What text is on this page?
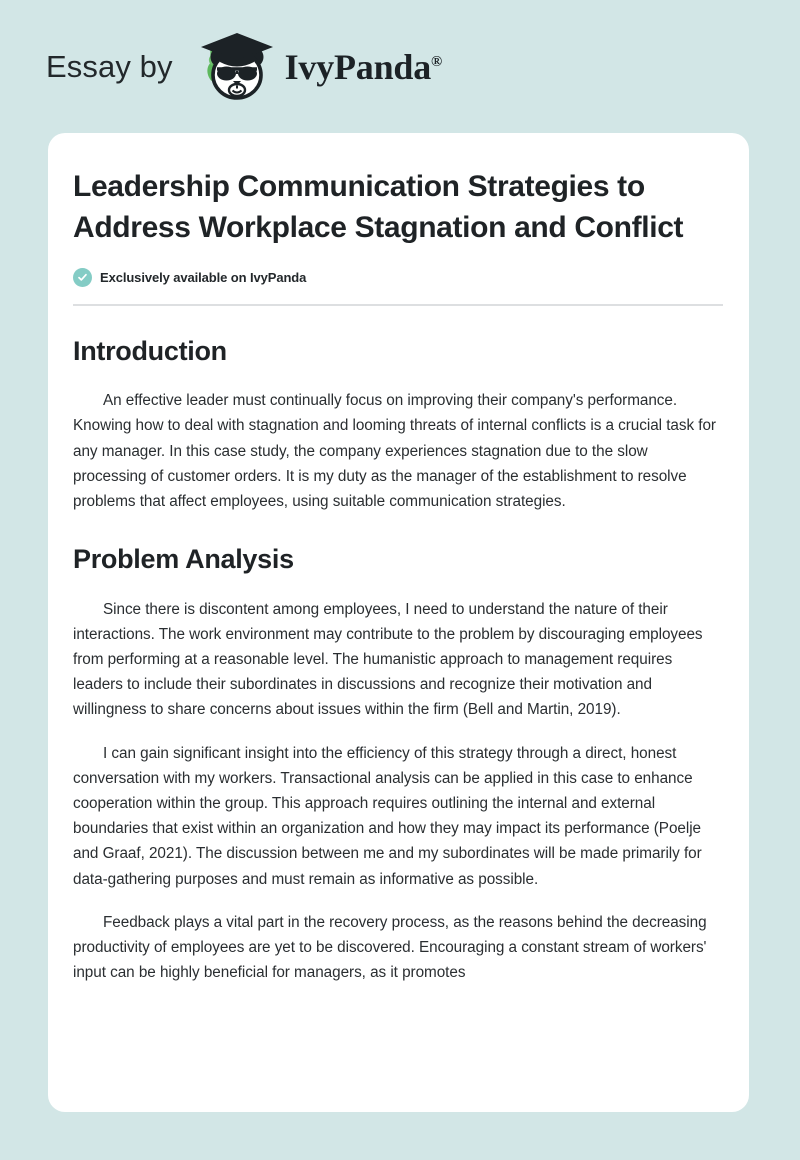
Essay by	IvyPanda®
Leadership Communication Strategies to Address Workplace Stagnation and Conflict
Exclusively available on IvyPanda
Introduction

An effective leader must continually focus on improving their company's performance. Knowing how to deal with stagnation and looming threats of internal conflicts is a crucial task for any manager. In this case study, the company experiences stagnation due to the slow processing of customer orders. It is my duty as the manager of the establishment to resolve problems that affect employees, using suitable communication strategies.

Problem Analysis

Since there is discontent among employees, I need to understand the nature of their interactions. The work environment may contribute to the problem by discouraging employees from performing at a reasonable level. The humanistic approach to management requires leaders to include their subordinates in discussions and recognize their motivation and willingness to share concerns about issues within the firm (Bell and Martin, 2019).

I can gain significant insight into the efficiency of this strategy through a direct, honest conversation with my workers. Transactional analysis can be applied in this case to enhance cooperation within the group. This approach requires outlining the internal and external boundaries that exist within an organization and how they may impact its performance (Poelje and Graaf, 2021). The discussion between me and my subordinates will be made primarily for data-gathering purposes and must remain as informative as possible.

Feedback plays a vital part in the recovery process, as the reasons behind the decreasing productivity of employees are yet to be discovered. Encouraging a constant stream of workers' input can be highly beneficial for managers, as it promotes
